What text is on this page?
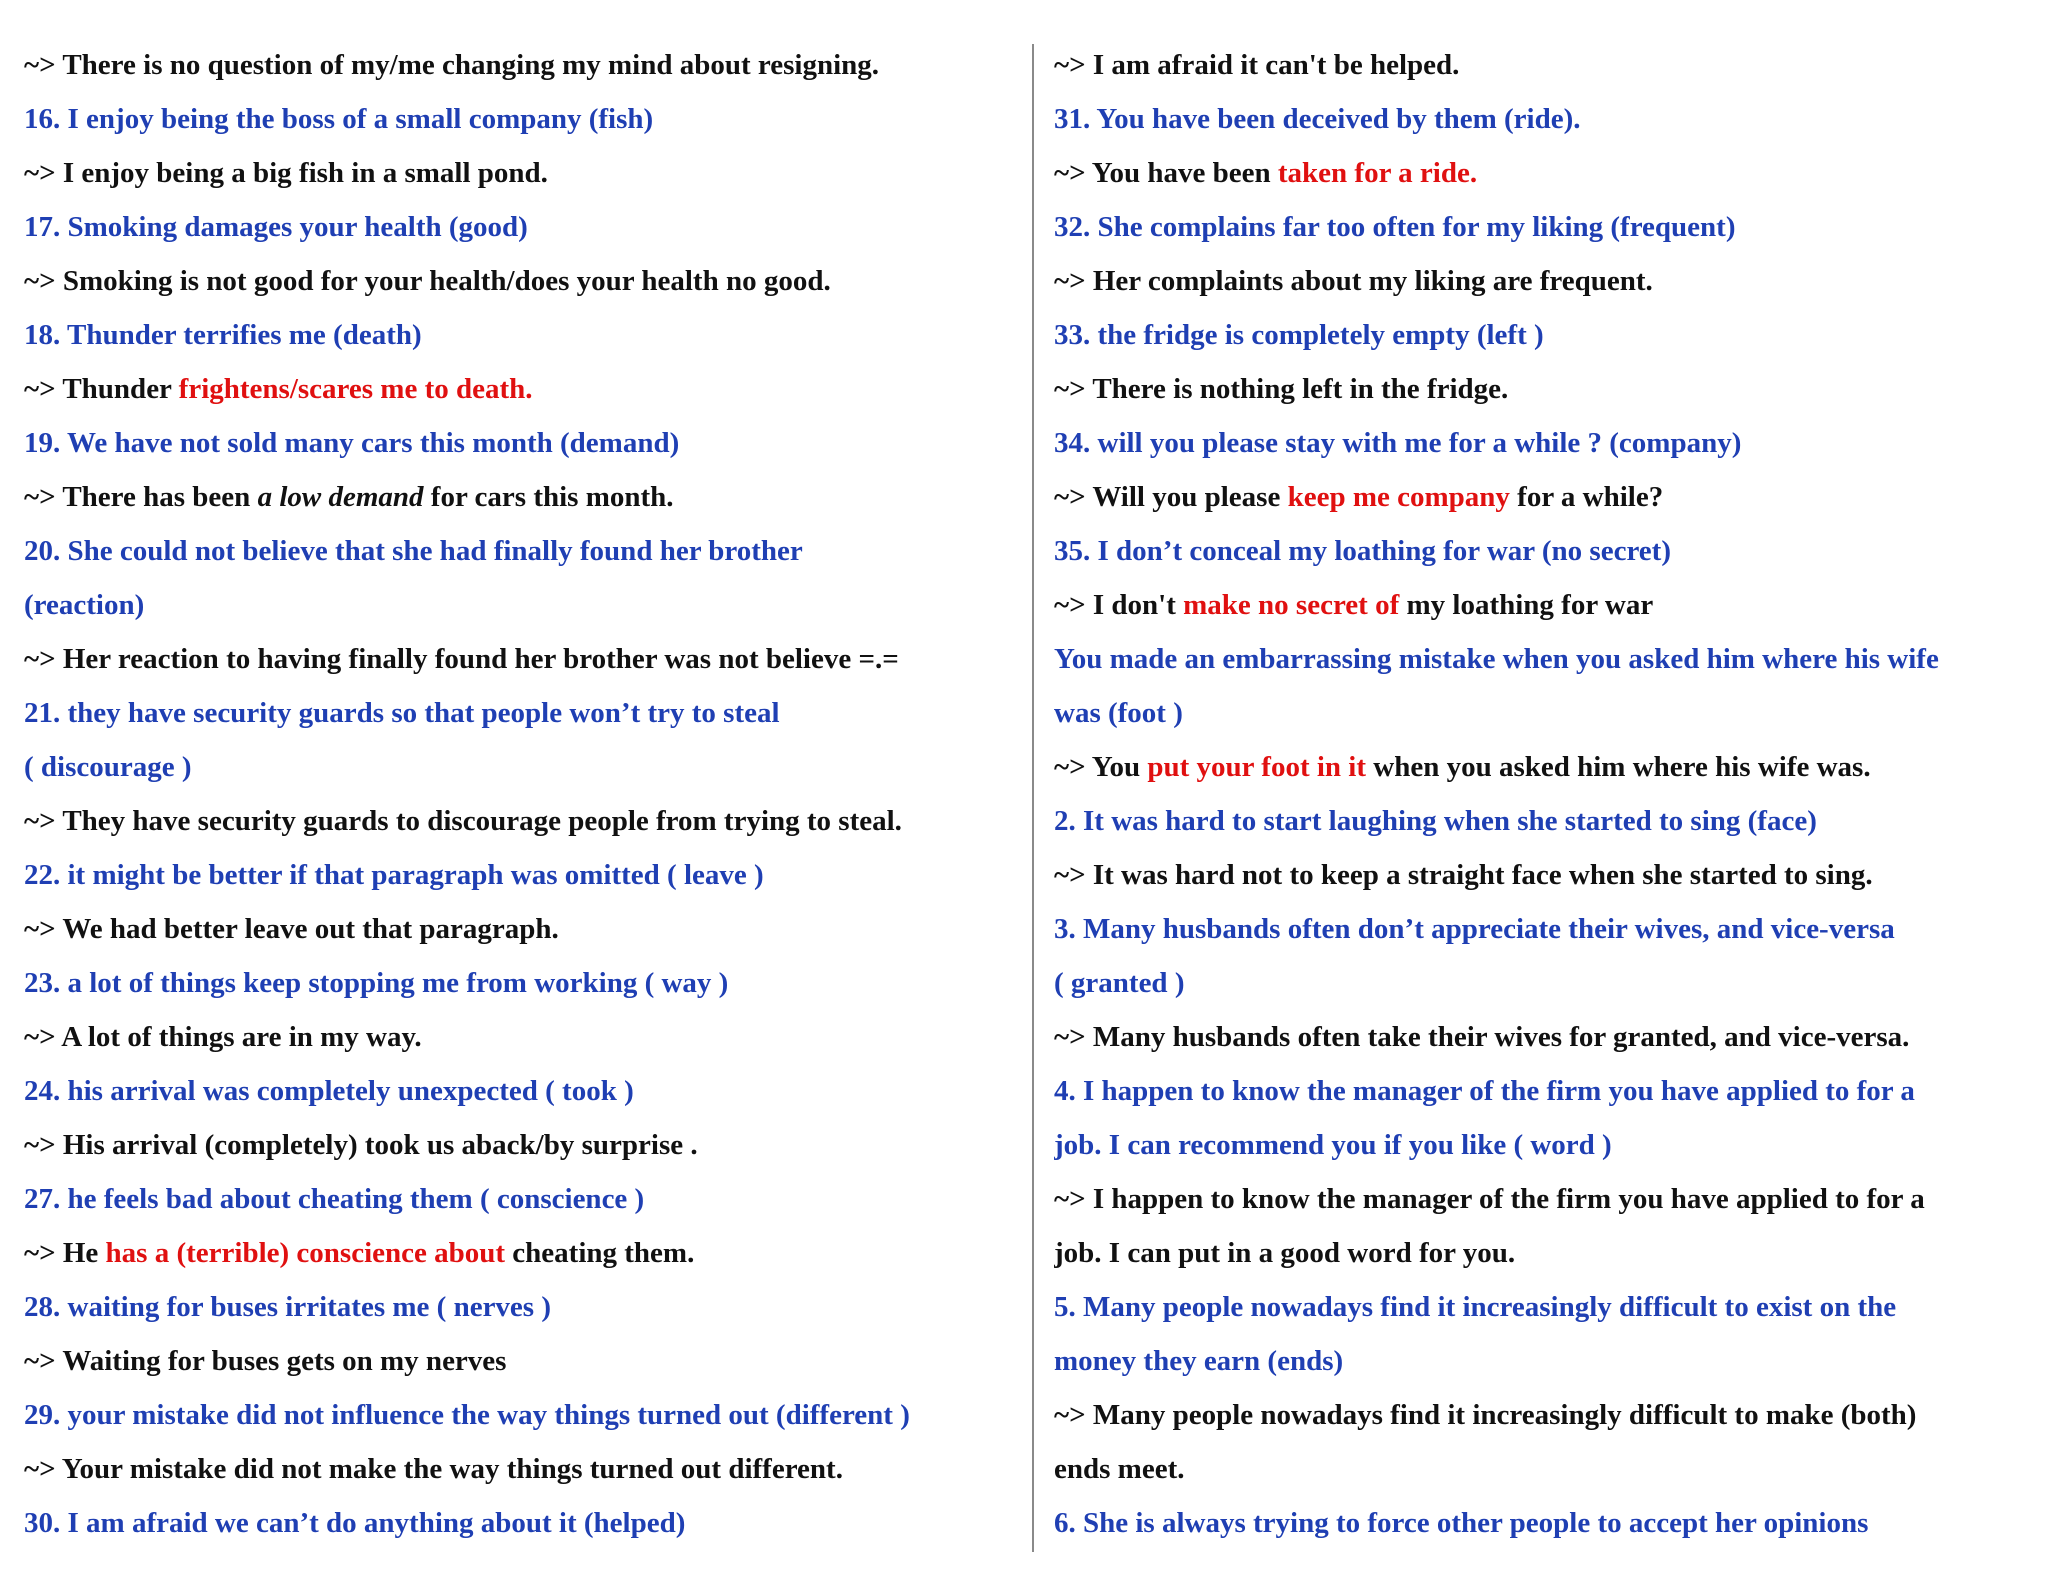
~> There is no question of my/me changing my mind about resigning.
16. I enjoy being the boss of a small company (fish)
~> I enjoy being a big fish in a small pond.
17. Smoking damages your health (good)
~> Smoking is not good for your health/does your health no good.
18. Thunder terrifies me (death)
~> Thunder frightens/scares me to death.
19. We have not sold many cars this month (demand)
~> There has been a low demand for cars this month.
20. She could not believe that she had finally found her brother
(reaction)
~> Her reaction to having finally found her brother was not believe =.=
21. they have security guards so that people won’t try to steal
( discourage )
~> They have security guards to discourage people from trying to steal.
22. it might be better if that paragraph was omitted ( leave )
~> We had better leave out that paragraph.
23. a lot of things keep stopping me from working ( way )
~> A lot of things are in my way.
24. his arrival was completely unexpected ( took )
~> His arrival (completely) took us aback/by surprise .
27. he feels bad about cheating them ( conscience )
~> He has a (terrible) conscience about cheating them.
28. waiting for buses irritates me ( nerves )
~> Waiting for buses gets on my nerves
29. your mistake did not influence the way things turned out (different )
~> Your mistake did not make the way things turned out different.
30. I am afraid we can’t do anything about it (helped)
~> I am afraid it can't be helped.
31. You have been deceived by them (ride).
~> You have been taken for a ride.
32. She complains far too often for my liking (frequent)
~> Her complaints about my liking are frequent.
33. the fridge is completely empty (left )
~> There is nothing left in the fridge.
34. will you please stay with me for a while ? (company)
~> Will you please keep me company for a while?
35. I don’t conceal my loathing for war (no secret)
~> I don't make no secret of my loathing for war
You made an embarrassing mistake when you asked him where his wife
was (foot )
~> You put your foot in it when you asked him where his wife was.
2. It was hard to start laughing when she started to sing (face)
~> It was hard not to keep a straight face when she started to sing.
3. Many husbands often don’t appreciate their wives, and vice-versa
( granted )
~> Many husbands often take their wives for granted, and vice-versa.
4. I happen to know the manager of the firm you have applied to for a
job. I can recommend you if you like ( word )
~> I happen to know the manager of the firm you have applied to for a
job. I can put in a good word for you.
5. Many people nowadays find it increasingly difficult to exist on the
money they earn (ends)
~> Many people nowadays find it increasingly difficult to make (both)
ends meet.
6. She is always trying to force other people to accept her opinions
